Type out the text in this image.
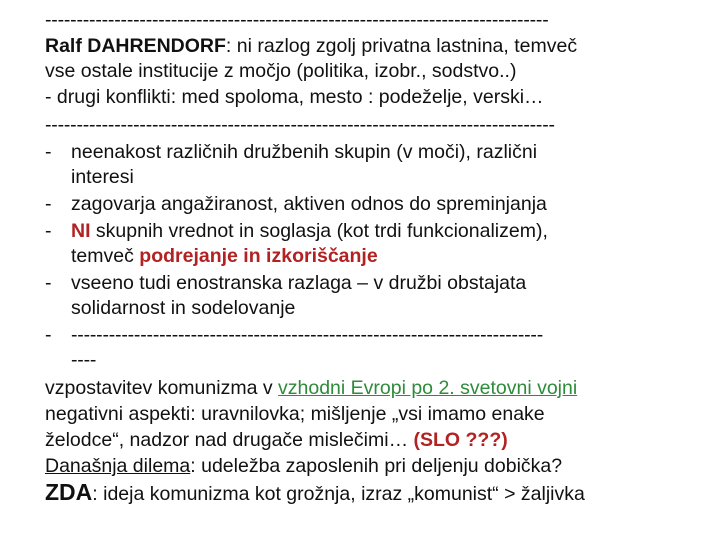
--------------------------------------------------------------------------------
Ralf DAHRENDORF: ni razlog zgolj privatna lastnina, temveč
vse ostale institucije z močjo (politika, izobr., sodstvo..)
- drugi konflikti: med spoloma, mesto : podeželje, verski…
---------------------------------------------------------------------------------
-	neenakost različnih družbenih skupin (v moči), različni
interesi
-	zagovarja angažiranost, aktiven odnos do spreminjanja
-	NI skupnih vrednot in soglasja (kot trdi funkcionalizem),
temveč podrejanje in izkoriščanje
-	vseeno tudi enostranska razlaga – v družbi obstajata
solidarnost in sodelovanje
-	---------------------------------------------------------------------------
----
vzpostavitev komunizma v vzhodni Evropi po 2. svetovni vojni
negativni aspekti: uravnilovka; mišljenje „vsi imamo enake
želodce“, nadzor nad drugače mislečimi… (SLO ???)
Današnja dilema: udeležba zaposlenih pri deljenju dobička?
ZDA: ideja komunizma kot grožnja, izraz „komunist“ > žaljivka
